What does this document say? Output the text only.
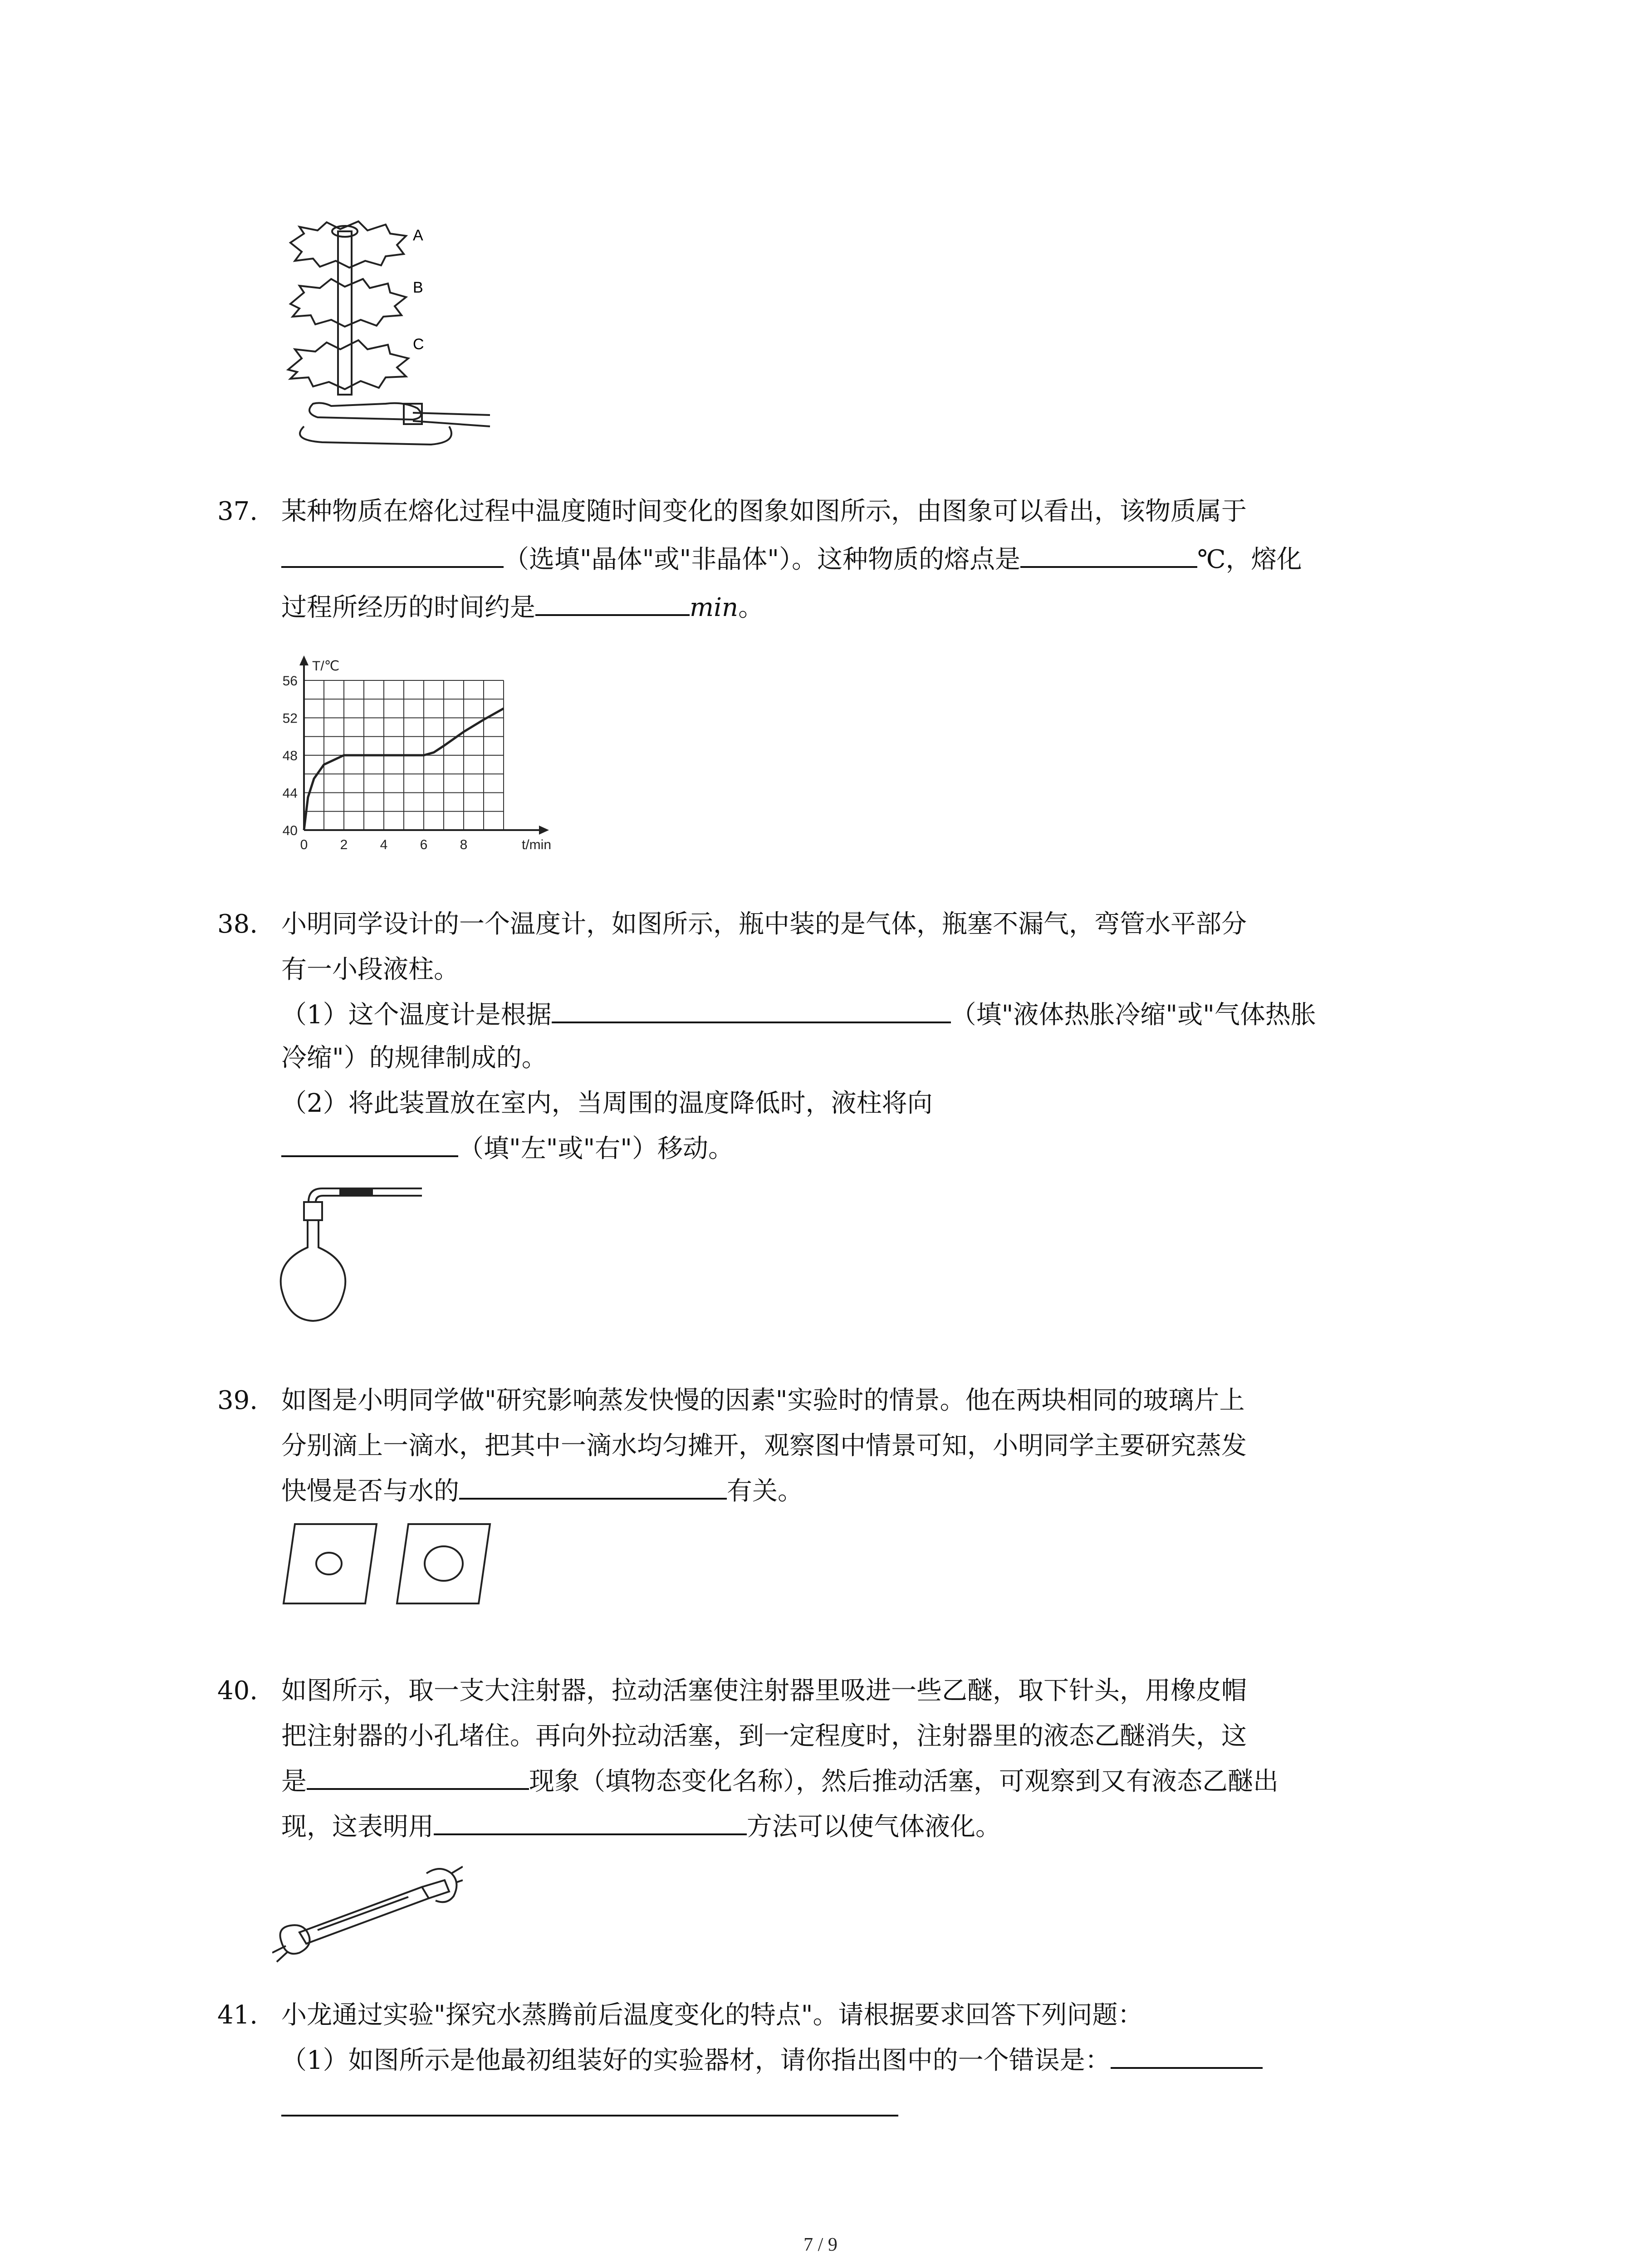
A
B
C
37. 某种物质在熔化过程中温度随时间变化的图象如图所示，由图象可以看出，该物质属于
（选填"晶体"或"非晶体"）。这种物质的熔点是	℃，熔化
过程所经历的时间约是	min。
0 2 4 6 8
40
44
48
52
56
t/min
T/℃
38. 小明同学设计的一个温度计，如图所示，瓶中装的是气体，瓶塞不漏气，弯管水平部分
有一小段液柱。
（1）这个温度计是根据	（填"液体热胀冷缩"或"气体热胀
冷缩"）的规律制成的。
（2）将此装置放在室内，当周围的温度降低时，液柱将向
（填"左"或"右"）移动。
39. 如图是小明同学做"研究影响蒸发快慢的因素"实验时的情景。他在两块相同的玻璃片上
分别滴上一滴水，把其中一滴水均匀摊开，观察图中情景可知，小明同学主要研究蒸发
快慢是否与水的	有关。
40. 如图所示，取一支大注射器，拉动活塞使注射器里吸进一些乙醚，取下针头，用橡皮帽
把注射器的小孔堵住。再向外拉动活塞，到一定程度时，注射器里的液态乙醚消失，这
是	现象（填物态变化名称），然后推动活塞，可观察到又有液态乙醚出
现，这表明用	方法可以使气体液化。
41. 小龙通过实验"探究水蒸腾前后温度变化的特点"。请根据要求回答下列问题：
（1）如图所示是他最初组装好的实验器材，请你指出图中的一个错误是：
7 / 9
